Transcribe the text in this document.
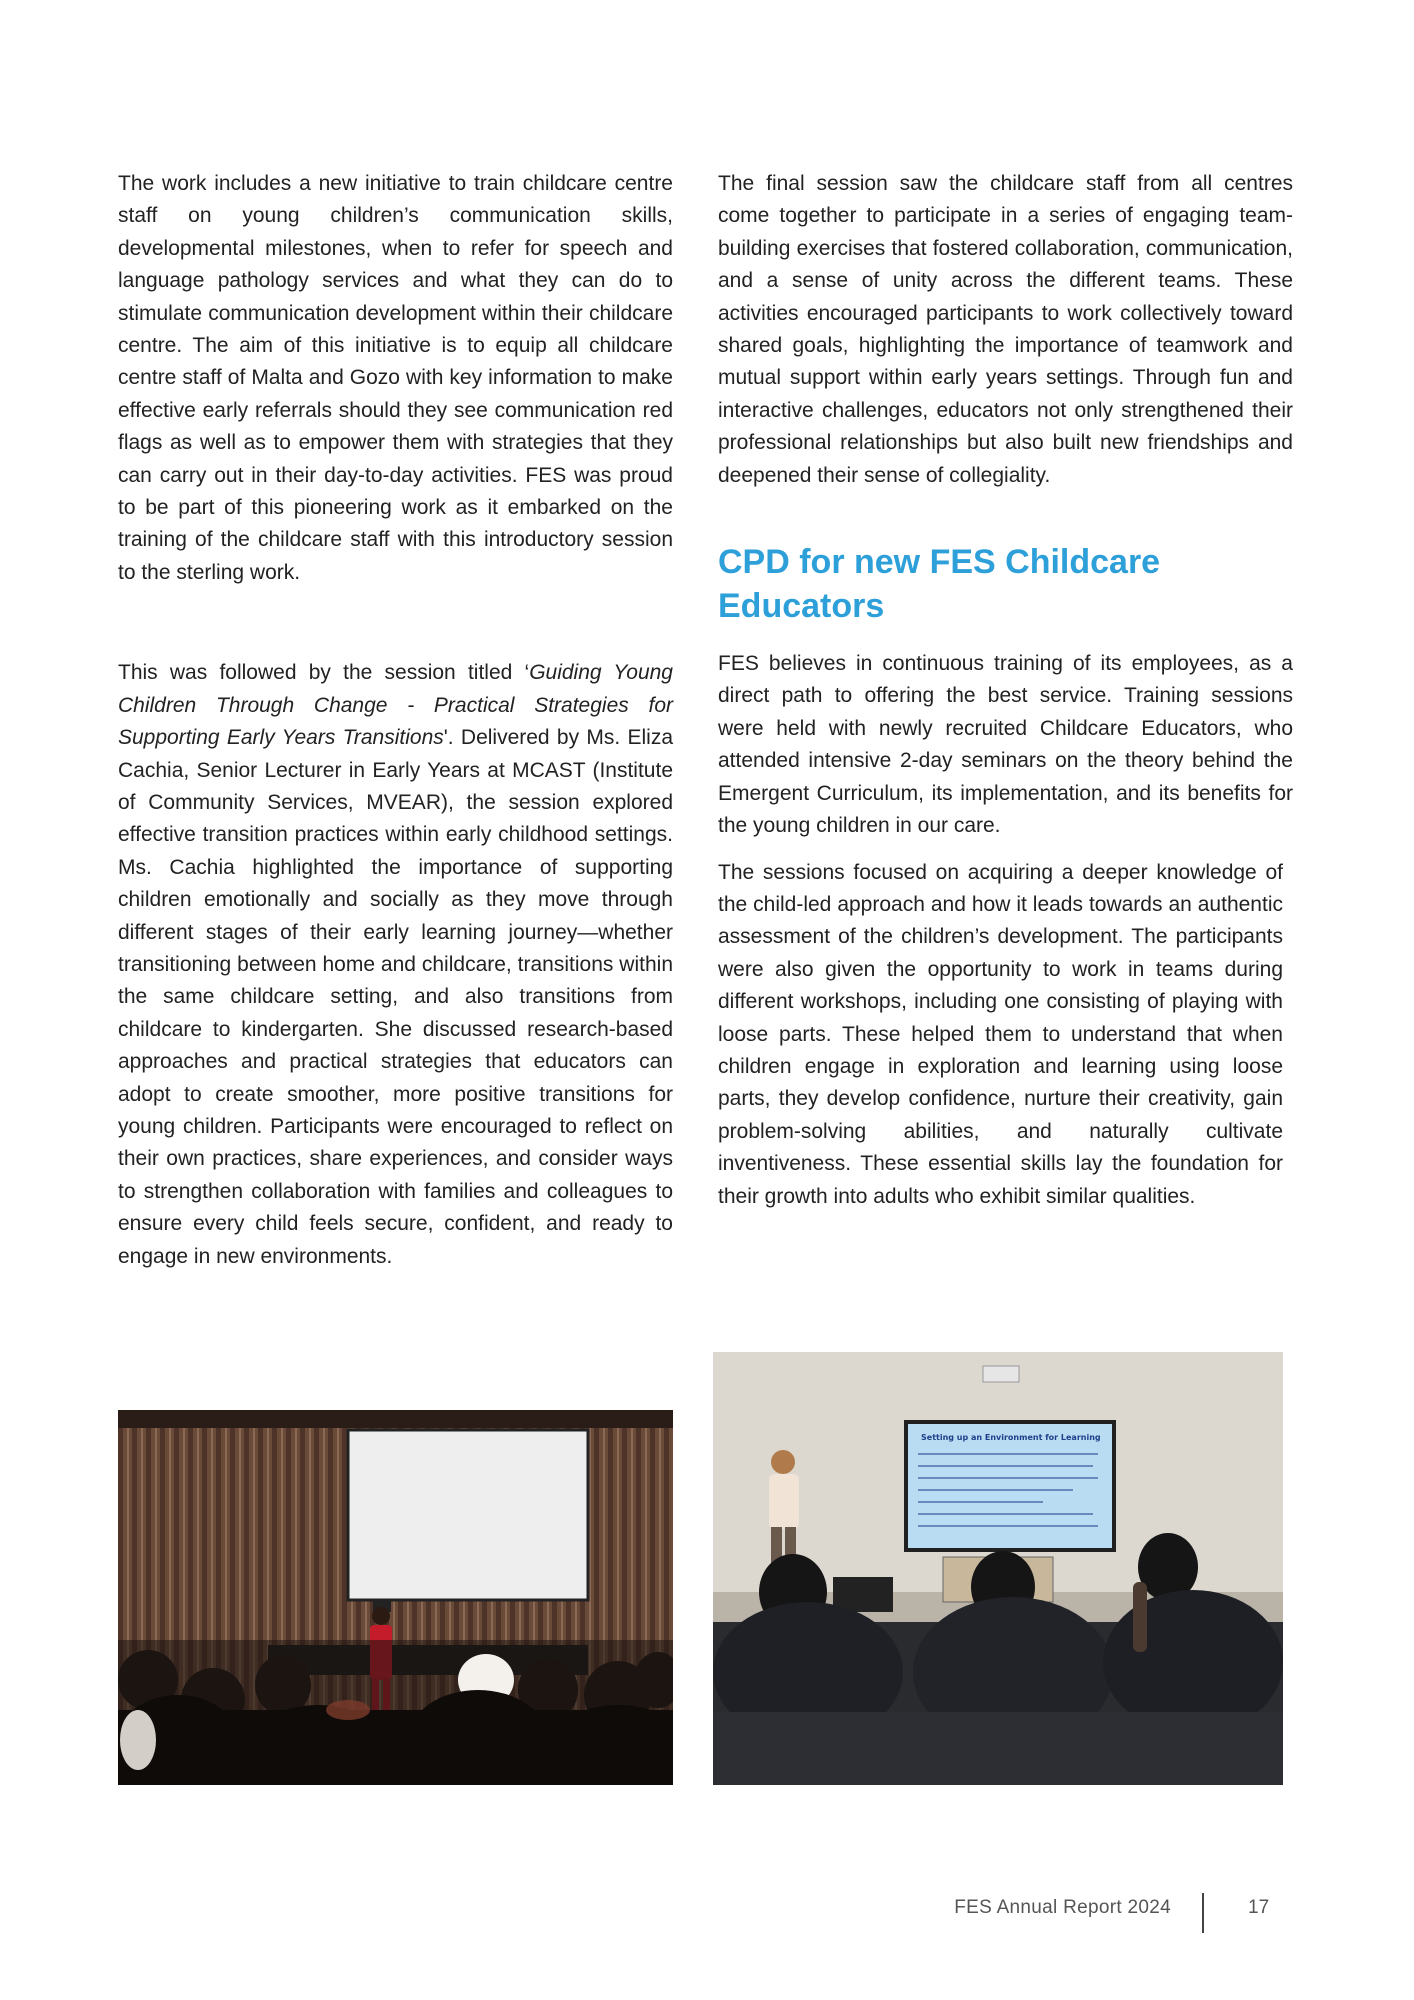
The work includes a new initiative to train childcare centre staff on young children’s communication skills, developmental milestones, when to refer for speech and language pathology services and what they can do to stimulate communication development within their childcare centre. The aim of this initiative is to equip all childcare centre staff of Malta and Gozo with key information to make effective early referrals should they see communication red flags as well as to empower them with strategies that they can carry out in their day-to-day activities. FES was proud to be part of this pioneering work as it embarked on the training of the childcare staff with this introductory session to the sterling work.

This was followed by the session titled ‘Guiding Young Children Through Change - Practical Strategies for Supporting Early Years Transitions'. Delivered by Ms. Eliza Cachia, Senior Lecturer in Early Years at MCAST (Institute of Community Services, MVEAR), the session explored effective transition practices within early childhood settings. Ms. Cachia highlighted the importance of supporting children emotionally and socially as they move through different stages of their early learning journey—whether transitioning between home and childcare, transitions within the same childcare setting, and also transitions from childcare to kindergarten. She discussed research-based approaches and practical strategies that educators can adopt to create smoother, more positive transitions for young children. Participants were encouraged to reflect on their own practices, share experiences, and consider ways to strengthen collaboration with families and colleagues to ensure every child feels secure, confident, and ready to engage in new environments.

The final session saw the childcare staff from all centres come together to participate in a series of engaging team-building exercises that fostered collaboration, communication, and a sense of unity across the different teams. These activities encouraged participants to work collectively toward shared goals, highlighting the importance of teamwork and mutual support within early years settings. Through fun and interactive challenges, educators not only strengthened their professional relationships but also built new friendships and deepened their sense of collegiality.

CPD for new FES Childcare Educators

FES believes in continuous training of its employees, as a direct path to offering the best service. Training sessions were held with newly recruited Childcare Educators, who attended intensive 2-day seminars on the theory behind the Emergent Curriculum, its implementation, and its benefits for the young children in our care.

The sessions focused on acquiring a deeper knowledge of the child-led approach and how it leads towards an authentic assessment of the children’s development. The participants were also given the opportunity to work in teams during different workshops, including one consisting of playing with loose parts. These helped them to understand that when children engage in exploration and learning using loose parts, they develop confidence, nurture their creativity, gain problem-solving abilities, and naturally cultivate inventiveness. These essential skills lay the foundation for their growth into adults who exhibit similar qualities.

Setting up an Environment for Learning
FES Annual Report 2024	17
